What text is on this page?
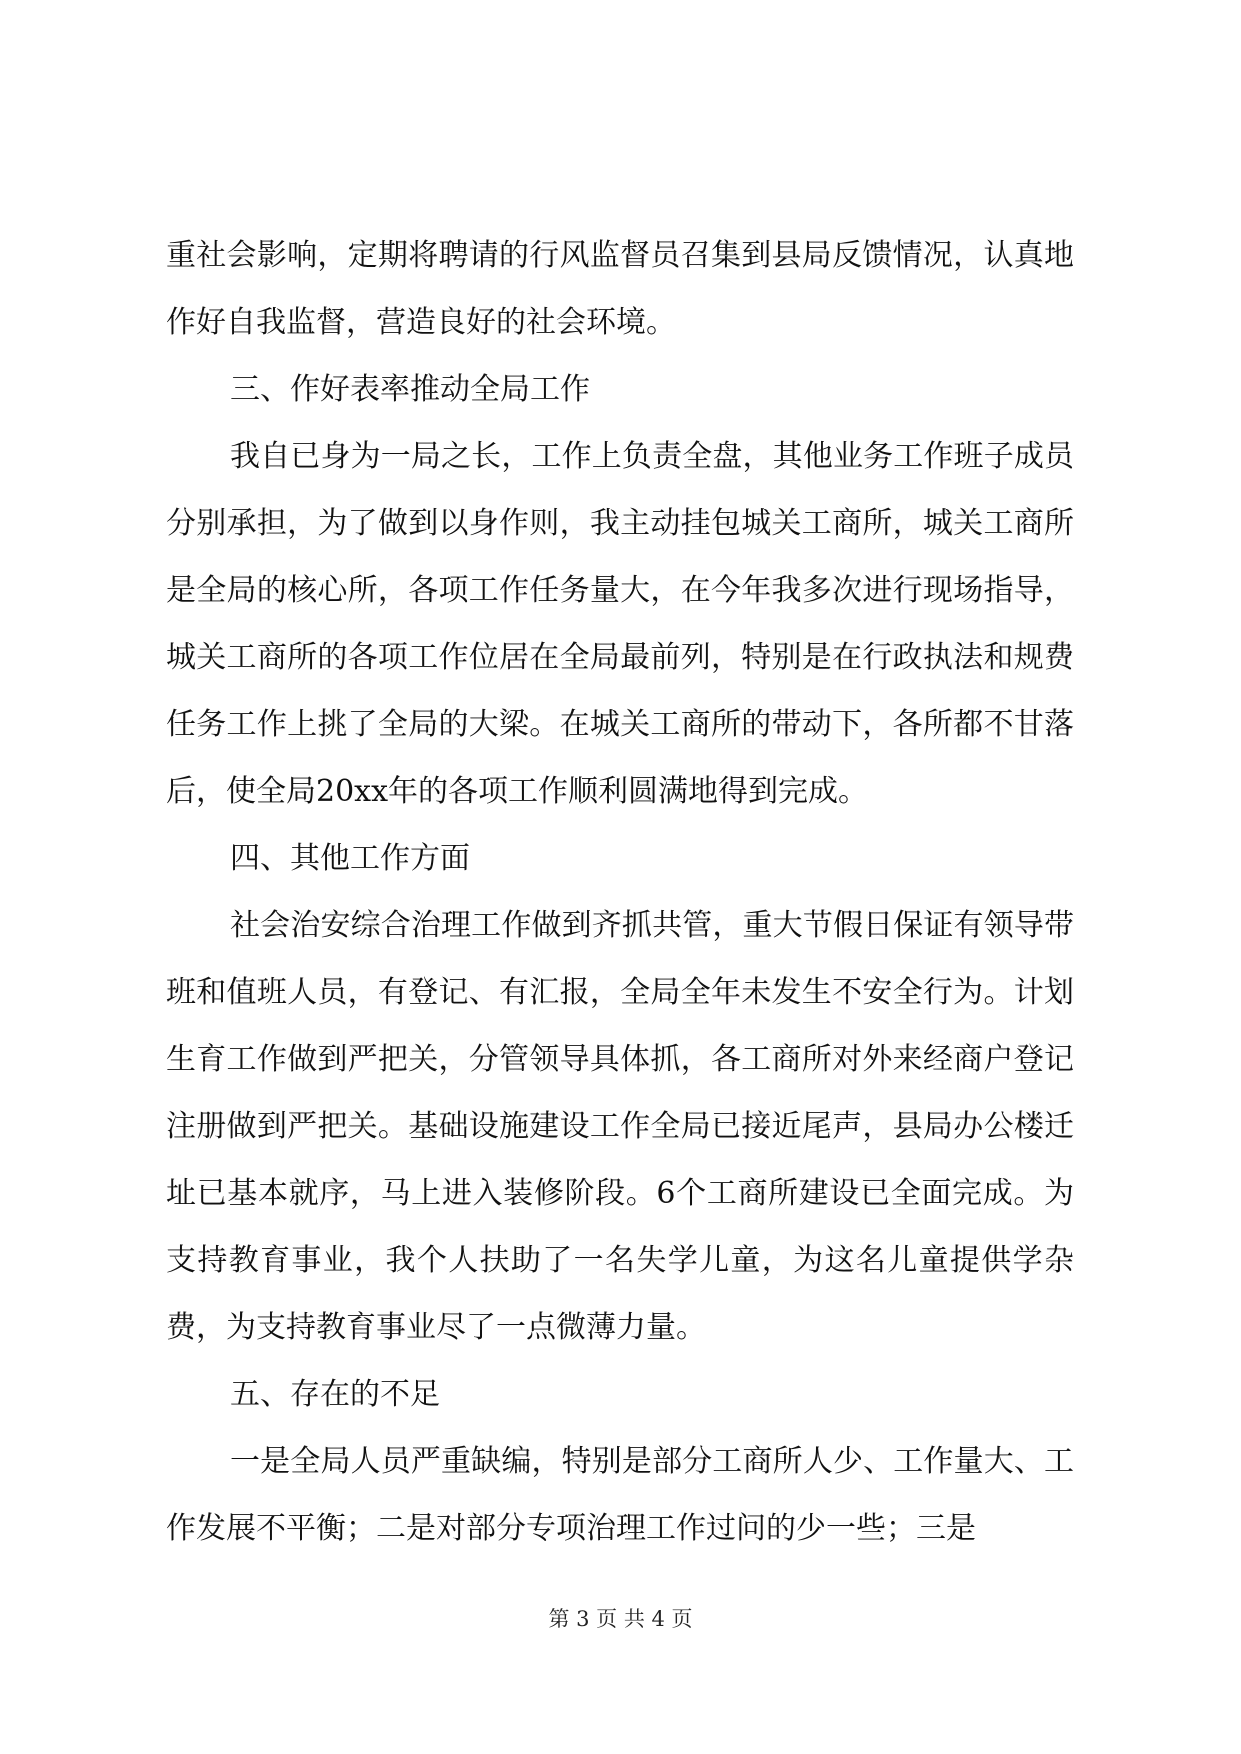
重社会影响，定期将聘请的行风监督员召集到县局反馈情况，认真地作好自我监督，营造良好的社会环境。

三、作好表率推动全局工作

我自已身为一局之长，工作上负责全盘，其他业务工作班子成员分别承担，为了做到以身作则，我主动挂包城关工商所，城关工商所是全局的核心所，各项工作任务量大，在今年我多次进行现场指导，城关工商所的各项工作位居在全局最前列，特别是在行政执法和规费任务工作上挑了全局的大梁。在城关工商所的带动下，各所都不甘落后，使全局20xx年的各项工作顺利圆满地得到完成。

四、其他工作方面

社会治安综合治理工作做到齐抓共管，重大节假日保证有领导带班和值班人员，有登记、有汇报，全局全年未发生不安全行为。计划生育工作做到严把关，分管领导具体抓，各工商所对外来经商户登记注册做到严把关。基础设施建设工作全局已接近尾声，县局办公楼迁址已基本就序，马上进入装修阶段。6个工商所建设已全面完成。为支持教育事业，我个人扶助了一名失学儿童，为这名儿童提供学杂费，为支持教育事业尽了一点微薄力量。

五、存在的不足

一是全局人员严重缺编，特别是部分工商所人少、工作量大、工作发展不平衡；二是对部分专项治理工作过问的少一些；三是

第 3 页 共 4 页
